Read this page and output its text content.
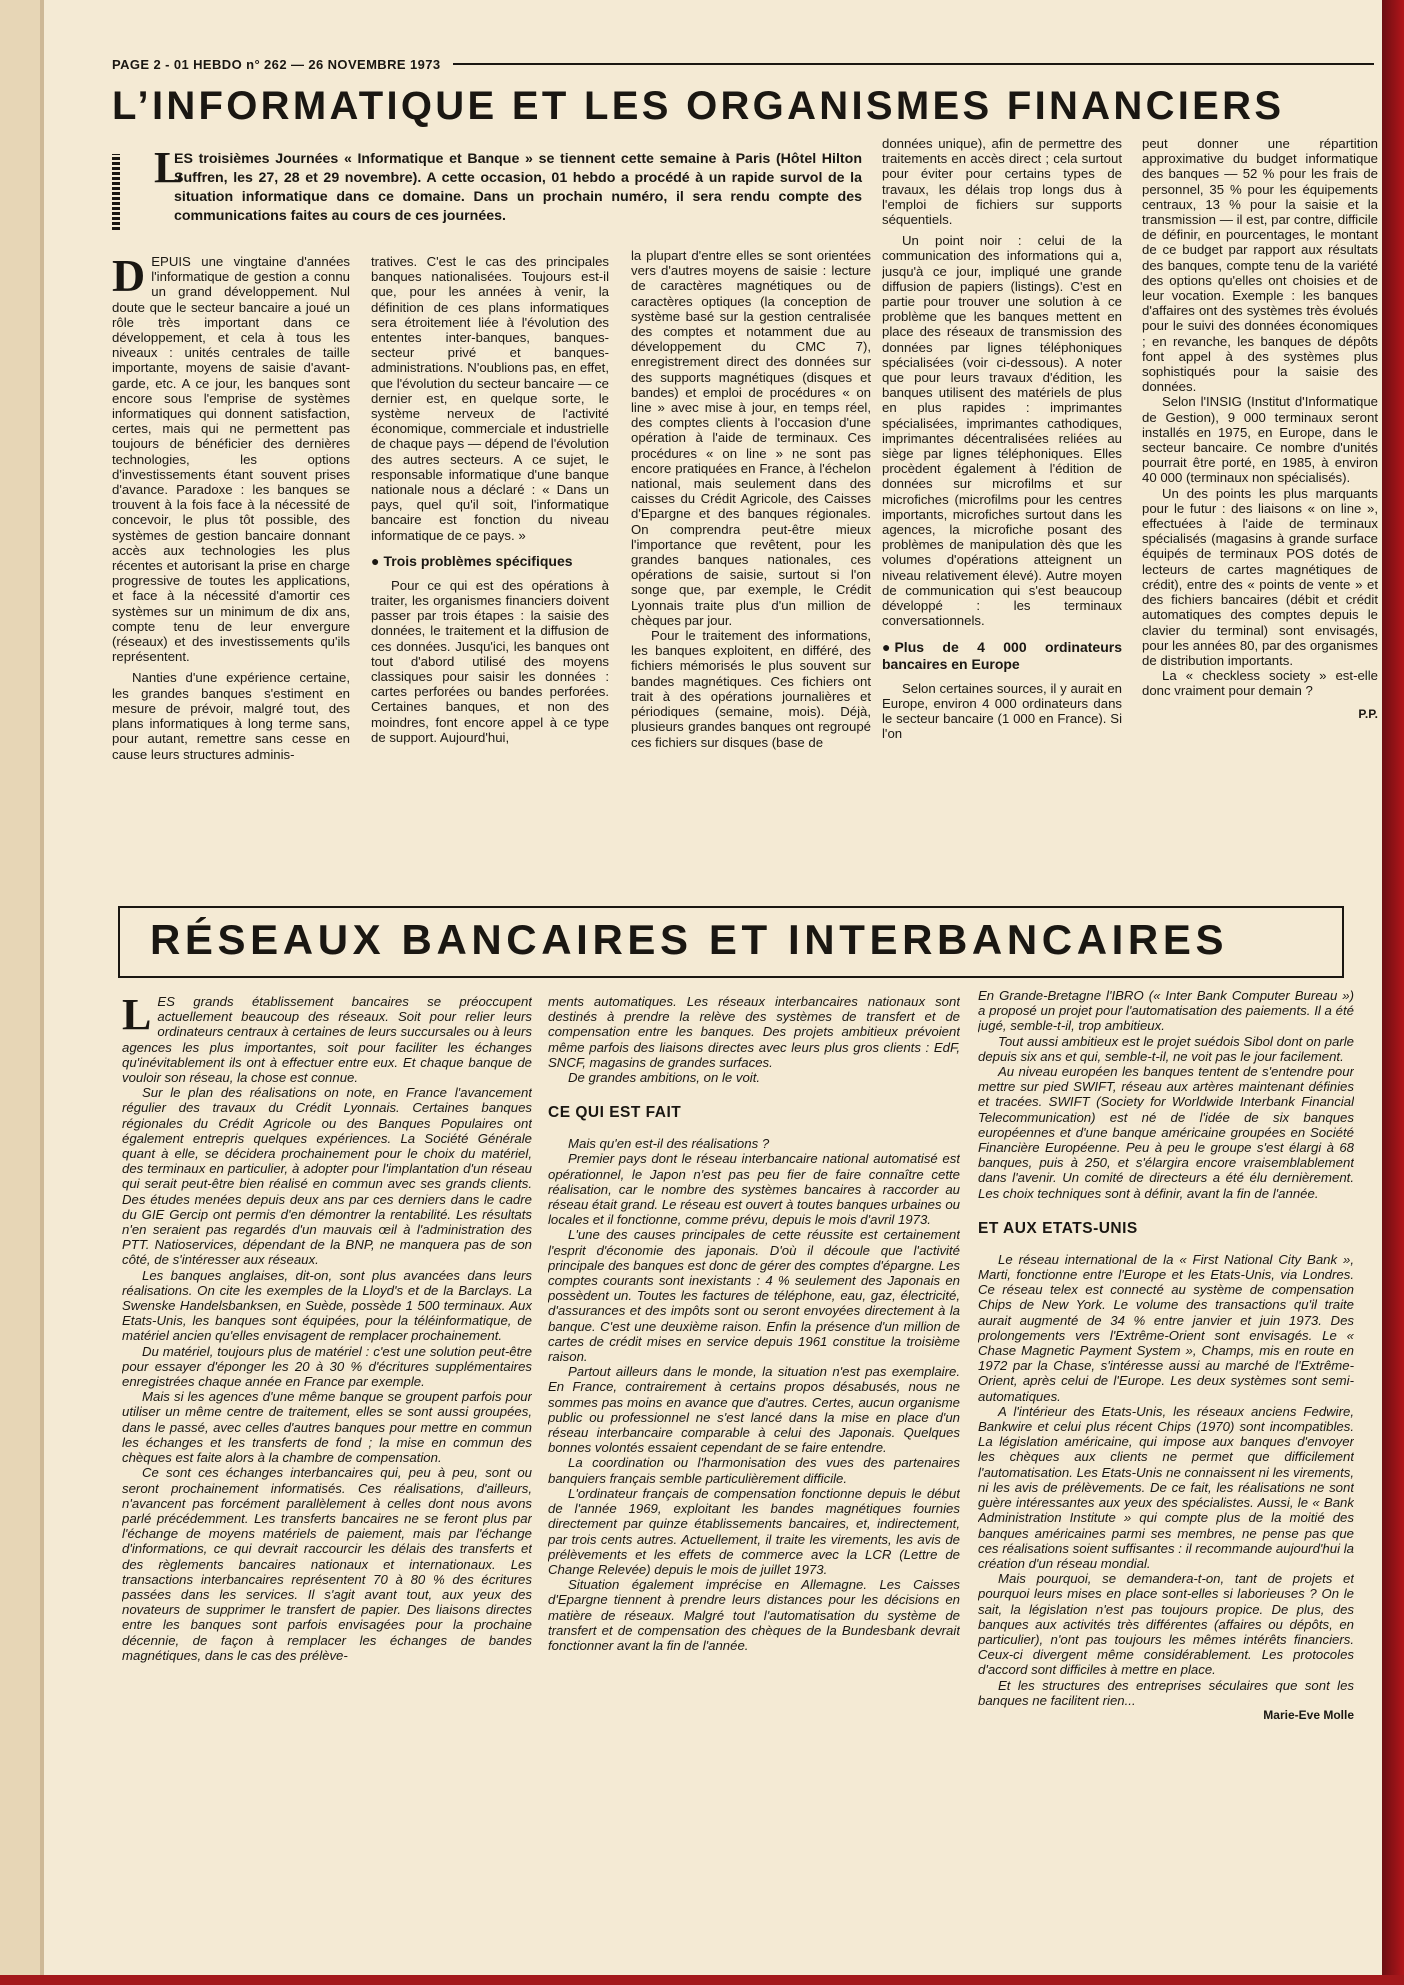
PAGE 2 - 01 HEBDO n° 262 — 26 NOVEMBRE 1973
L’INFORMATIQUE ET LES ORGANISMES FINANCIERS
L
ES troisièmes Journées « Informatique et Banque » se tiennent cette semaine à Paris (Hôtel Hilton Suffren, les 27, 28 et 29 novembre). A cette occasion, 01 hebdo a procédé à un rapide survol de la situation informatique dans ce domaine. Dans un prochain numéro, il sera rendu compte des communications faites au cours de ces journées.

DEPUIS une vingtaine d'années l'informatique de gestion a connu un grand développement. Nul doute que le secteur bancaire a joué un rôle très important dans ce développement, et cela à tous les niveaux : unités centrales de taille importante, moyens de saisie d'avant-garde, etc. A ce jour, les banques sont encore sous l'emprise de systèmes informatiques qui donnent satisfaction, certes, mais qui ne permettent pas toujours de bénéficier des dernières technologies, les options d'investissements étant souvent prises d'avance. Paradoxe : les banques se trouvent à la fois face à la nécessité de concevoir, le plus tôt possible, des systèmes de gestion bancaire donnant accès aux technologies les plus récentes et autorisant la prise en charge progressive de toutes les applications, et face à la nécessité d'amortir ces systèmes sur un minimum de dix ans, compte tenu de leur envergure (réseaux) et des investissements qu'ils représentent.

Nanties d'une expérience certaine, les grandes banques s'estiment en mesure de prévoir, malgré tout, des plans informatiques à long terme sans, pour autant, remettre sans cesse en cause leurs structures adminis-

tratives. C'est le cas des principales banques nationalisées. Toujours est-il que, pour les années à venir, la définition de ces plans informatiques sera étroitement liée à l'évolution des ententes inter-banques, banques-secteur privé et banques-administrations. N'oublions pas, en effet, que l'évolution du secteur bancaire — ce dernier est, en quelque sorte, le système nerveux de l'activité économique, commerciale et industrielle de chaque pays — dépend de l'évolution des autres secteurs. A ce sujet, le responsable informatique d'une banque nationale nous a déclaré : « Dans un pays, quel qu'il soit, l'informatique bancaire est fonction du niveau informatique de ce pays. »

● Trois problèmes spécifiques

Pour ce qui est des opérations à traiter, les organismes financiers doivent passer par trois étapes : la saisie des données, le traitement et la diffusion de ces données. Jusqu'ici, les banques ont tout d'abord utilisé des moyens classiques pour saisir les données : cartes perforées ou bandes perforées. Certaines banques, et non des moindres, font encore appel à ce type de support. Aujourd'hui,

la plupart d'entre elles se sont orientées vers d'autres moyens de saisie : lecture de caractères magnétiques ou de caractères optiques (la conception de système basé sur la gestion centralisée des comptes et notamment due au développement du CMC 7), enregistrement direct des données sur des supports magnétiques (disques et bandes) et emploi de procédures « on line » avec mise à jour, en temps réel, des comptes clients à l'occasion d'une opération à l'aide de terminaux. Ces procédures « on line » ne sont pas encore pratiquées en France, à l'échelon national, mais seulement dans des caisses du Crédit Agricole, des Caisses d'Epargne et des banques régionales. On comprendra peut-être mieux l'importance que revêtent, pour les grandes banques nationales, ces opérations de saisie, surtout si l'on songe que, par exemple, le Crédit Lyonnais traite plus d'un million de chèques par jour.

Pour le traitement des informations, les banques exploitent, en différé, des fichiers mémorisés le plus souvent sur bandes magnétiques. Ces fichiers ont trait à des opérations journalières et périodiques (semaine, mois). Déjà, plusieurs grandes banques ont regroupé ces fichiers sur disques (base de

données unique), afin de permettre des traitements en accès direct ; cela surtout pour éviter pour certains types de travaux, les délais trop longs dus à l'emploi de fichiers sur supports séquentiels.

Un point noir : celui de la communication des informations qui a, jusqu'à ce jour, impliqué une grande diffusion de papiers (listings). C'est en partie pour trouver une solution à ce problème que les banques mettent en place des réseaux de transmission des données par lignes téléphoniques spécialisées (voir ci-dessous). A noter que pour leurs travaux d'édition, les banques utilisent des matériels de plus en plus rapides : imprimantes spécialisées, imprimantes cathodiques, imprimantes décentralisées reliées au siège par lignes téléphoniques. Elles procèdent également à l'édition de données sur microfilms et sur microfiches (microfilms pour les centres importants, microfiches surtout dans les agences, la microfiche posant des problèmes de manipulation dès que les volumes d'opérations atteignent un niveau relativement élevé). Autre moyen de communication qui s'est beaucoup développé : les terminaux conversationnels.

● Plus de 4 000 ordinateurs bancaires en Europe

Selon certaines sources, il y aurait en Europe, environ 4 000 ordinateurs dans le secteur bancaire (1 000 en France). Si l'on

peut donner une répartition approximative du budget informatique des banques — 52 % pour les frais de personnel, 35 % pour les équipements centraux, 13 % pour la saisie et la transmission — il est, par contre, difficile de définir, en pourcentages, le montant de ce budget par rapport aux résultats des banques, compte tenu de la variété des options qu'elles ont choisies et de leur vocation. Exemple : les banques d'affaires ont des systèmes très évolués pour le suivi des données économiques ; en revanche, les banques de dépôts font appel à des systèmes plus sophistiqués pour la saisie des données.

Selon l'INSIG (Institut d'Informatique de Gestion), 9 000 terminaux seront installés en 1975, en Europe, dans le secteur bancaire. Ce nombre d'unités pourrait être porté, en 1985, à environ 40 000 (terminaux non spécialisés).

Un des points les plus marquants pour le futur : des liaisons « on line », effectuées à l'aide de terminaux spécialisés (magasins à grande surface équipés de terminaux POS dotés de lecteurs de cartes magnétiques de crédit), entre des « points de vente » et des fichiers bancaires (débit et crédit automatiques des comptes depuis le clavier du terminal) sont envisagés, pour les années 80, par des organismes de distribution importants.

La « checkless society » est-elle donc vraiment pour demain ?

P.P.
RÉSEAUX BANCAIRES ET INTERBANCAIRES

LES grands établissement bancaires se préoccupent actuellement beaucoup des réseaux. Soit pour relier leurs ordinateurs centraux à certaines de leurs succursales ou à leurs agences les plus importantes, soit pour faciliter les échanges qu'inévitablement ils ont à effectuer entre eux. Et chaque banque de vouloir son réseau, la chose est connue.

Sur le plan des réalisations on note, en France l'avancement régulier des travaux du Crédit Lyonnais. Certaines banques régionales du Crédit Agricole ou des Banques Populaires ont également entrepris quelques expériences. La Société Générale quant à elle, se décidera prochainement pour le choix du matériel, des terminaux en particulier, à adopter pour l'implantation d'un réseau qui serait peut-être bien réalisé en commun avec ses grands clients. Des études menées depuis deux ans par ces derniers dans le cadre du GIE Gercip ont permis d'en démontrer la rentabilité. Les résultats n'en seraient pas regardés d'un mauvais œil à l'administration des PTT. Natioservices, dépendant de la BNP, ne manquera pas de son côté, de s'intéresser aux réseaux.

Les banques anglaises, dit-on, sont plus avancées dans leurs réalisations. On cite les exemples de la Lloyd's et de la Barclays. La Swenske Handelsbanksen, en Suède, possède 1 500 terminaux. Aux Etats-Unis, les banques sont équipées, pour la téléinformatique, de matériel ancien qu'elles envisagent de remplacer prochainement.

Du matériel, toujours plus de matériel : c'est une solution peut-être pour essayer d'éponger les 20 à 30 % d'écritures supplémentaires enregistrées chaque année en France par exemple.

Mais si les agences d'une même banque se groupent parfois pour utiliser un même centre de traitement, elles se sont aussi groupées, dans le passé, avec celles d'autres banques pour mettre en commun les échanges et les transferts de fond ; la mise en commun des chèques est faite alors à la chambre de compensation.

Ce sont ces échanges interbancaires qui, peu à peu, sont ou seront prochainement informatisés. Ces réalisations, d'ailleurs, n'avancent pas forcément parallèlement à celles dont nous avons parlé précédemment. Les transferts bancaires ne se feront plus par l'échange de moyens matériels de paiement, mais par l'échange d'informations, ce qui devrait raccourcir les délais des transferts et des règlements bancaires nationaux et internationaux. Les transactions interbancaires représentent 70 à 80 % des écritures passées dans les services. Il s'agit avant tout, aux yeux des novateurs de supprimer le transfert de papier. Des liaisons directes entre les banques sont parfois envisagées pour la prochaine décennie, de façon à remplacer les échanges de bandes magnétiques, dans le cas des prélève-

ments automatiques. Les réseaux interbancaires nationaux sont destinés à prendre la relève des systèmes de transfert et de compensation entre les banques. Des projets ambitieux prévoient même parfois des liaisons directes avec leurs plus gros clients : EdF, SNCF, magasins de grandes surfaces.

De grandes ambitions, on le voit.

CE QUI EST FAIT

Mais qu'en est-il des réalisations ?

Premier pays dont le réseau interbancaire national automatisé est opérationnel, le Japon n'est pas peu fier de faire connaître cette réalisation, car le nombre des systèmes bancaires à raccorder au réseau était grand. Le réseau est ouvert à toutes banques urbaines ou locales et il fonctionne, comme prévu, depuis le mois d'avril 1973.

L'une des causes principales de cette réussite est certainement l'esprit d'économie des japonais. D'où il découle que l'activité principale des banques est donc de gérer des comptes d'épargne. Les comptes courants sont inexistants : 4 % seulement des Japonais en possèdent un. Toutes les factures de téléphone, eau, gaz, électricité, d'assurances et des impôts sont ou seront envoyées directement à la banque. C'est une deuxième raison. Enfin la présence d'un million de cartes de crédit mises en service depuis 1961 constitue la troisième raison.

Partout ailleurs dans le monde, la situation n'est pas exemplaire. En France, contrairement à certains propos désabusés, nous ne sommes pas moins en avance que d'autres. Certes, aucun organisme public ou professionnel ne s'est lancé dans la mise en place d'un réseau interbancaire comparable à celui des Japonais. Quelques bonnes volontés essaient cependant de se faire entendre.

La coordination ou l'harmonisation des vues des partenaires banquiers français semble particulièrement difficile.

L'ordinateur français de compensation fonctionne depuis le début de l'année 1969, exploitant les bandes magnétiques fournies directement par quinze établissements bancaires, et, indirectement, par trois cents autres. Actuellement, il traite les virements, les avis de prélèvements et les effets de commerce avec la LCR (Lettre de Change Relevée) depuis le mois de juillet 1973.

Situation également imprécise en Allemagne. Les Caisses d'Epargne tiennent à prendre leurs distances pour les décisions en matière de réseaux. Malgré tout l'automatisation du système de transfert et de compensation des chèques de la Bundesbank devrait fonctionner avant la fin de l'année.

En Grande-Bretagne l'IBRO (« Inter Bank Computer Bureau ») a proposé un projet pour l'automatisation des paiements. Il a été jugé, semble-t-il, trop ambitieux.

Tout aussi ambitieux est le projet suédois Sibol dont on parle depuis six ans et qui, semble-t-il, ne voit pas le jour facilement.

Au niveau européen les banques tentent de s'entendre pour mettre sur pied SWIFT, réseau aux artères maintenant définies et tracées. SWIFT (Society for Worldwide Interbank Financial Telecommunication) est né de l'idée de six banques européennes et d'une banque américaine groupées en Société Financière Européenne. Peu à peu le groupe s'est élargi à 68 banques, puis à 250, et s'élargira encore vraisemblablement dans l'avenir. Un comité de directeurs a été élu dernièrement. Les choix techniques sont à définir, avant la fin de l'année.

ET AUX ETATS-UNIS

Le réseau international de la « First National City Bank », Marti, fonctionne entre l'Europe et les Etats-Unis, via Londres. Ce réseau telex est connecté au système de compensation Chips de New York. Le volume des transactions qu'il traite aurait augmenté de 34 % entre janvier et juin 1973. Des prolongements vers l'Extrême-Orient sont envisagés. Le « Chase Magnetic Payment System », Champs, mis en route en 1972 par la Chase, s'intéresse aussi au marché de l'Extrême-Orient, après celui de l'Europe. Les deux systèmes sont semi-automatiques.

A l'intérieur des Etats-Unis, les réseaux anciens Fedwire, Bankwire et celui plus récent Chips (1970) sont incompatibles. La législation américaine, qui impose aux banques d'envoyer les chèques aux clients ne permet que difficilement l'automatisation. Les Etats-Unis ne connaissent ni les virements, ni les avis de prélèvements. De ce fait, les réalisations ne sont guère intéressantes aux yeux des spécialistes. Aussi, le « Bank Administration Institute » qui compte plus de la moitié des banques américaines parmi ses membres, ne pense pas que ces réalisations soient suffisantes : il recommande aujourd'hui la création d'un réseau mondial.

Mais pourquoi, se demandera-t-on, tant de projets et pourquoi leurs mises en place sont-elles si laborieuses ? On le sait, la législation n'est pas toujours propice. De plus, des banques aux activités très différentes (affaires ou dépôts, en particulier), n'ont pas toujours les mêmes intérêts financiers. Ceux-ci divergent même considérablement. Les protocoles d'accord sont difficiles à mettre en place.

Et les structures des entreprises séculaires que sont les banques ne facilitent rien...

Marie-Eve Molle
